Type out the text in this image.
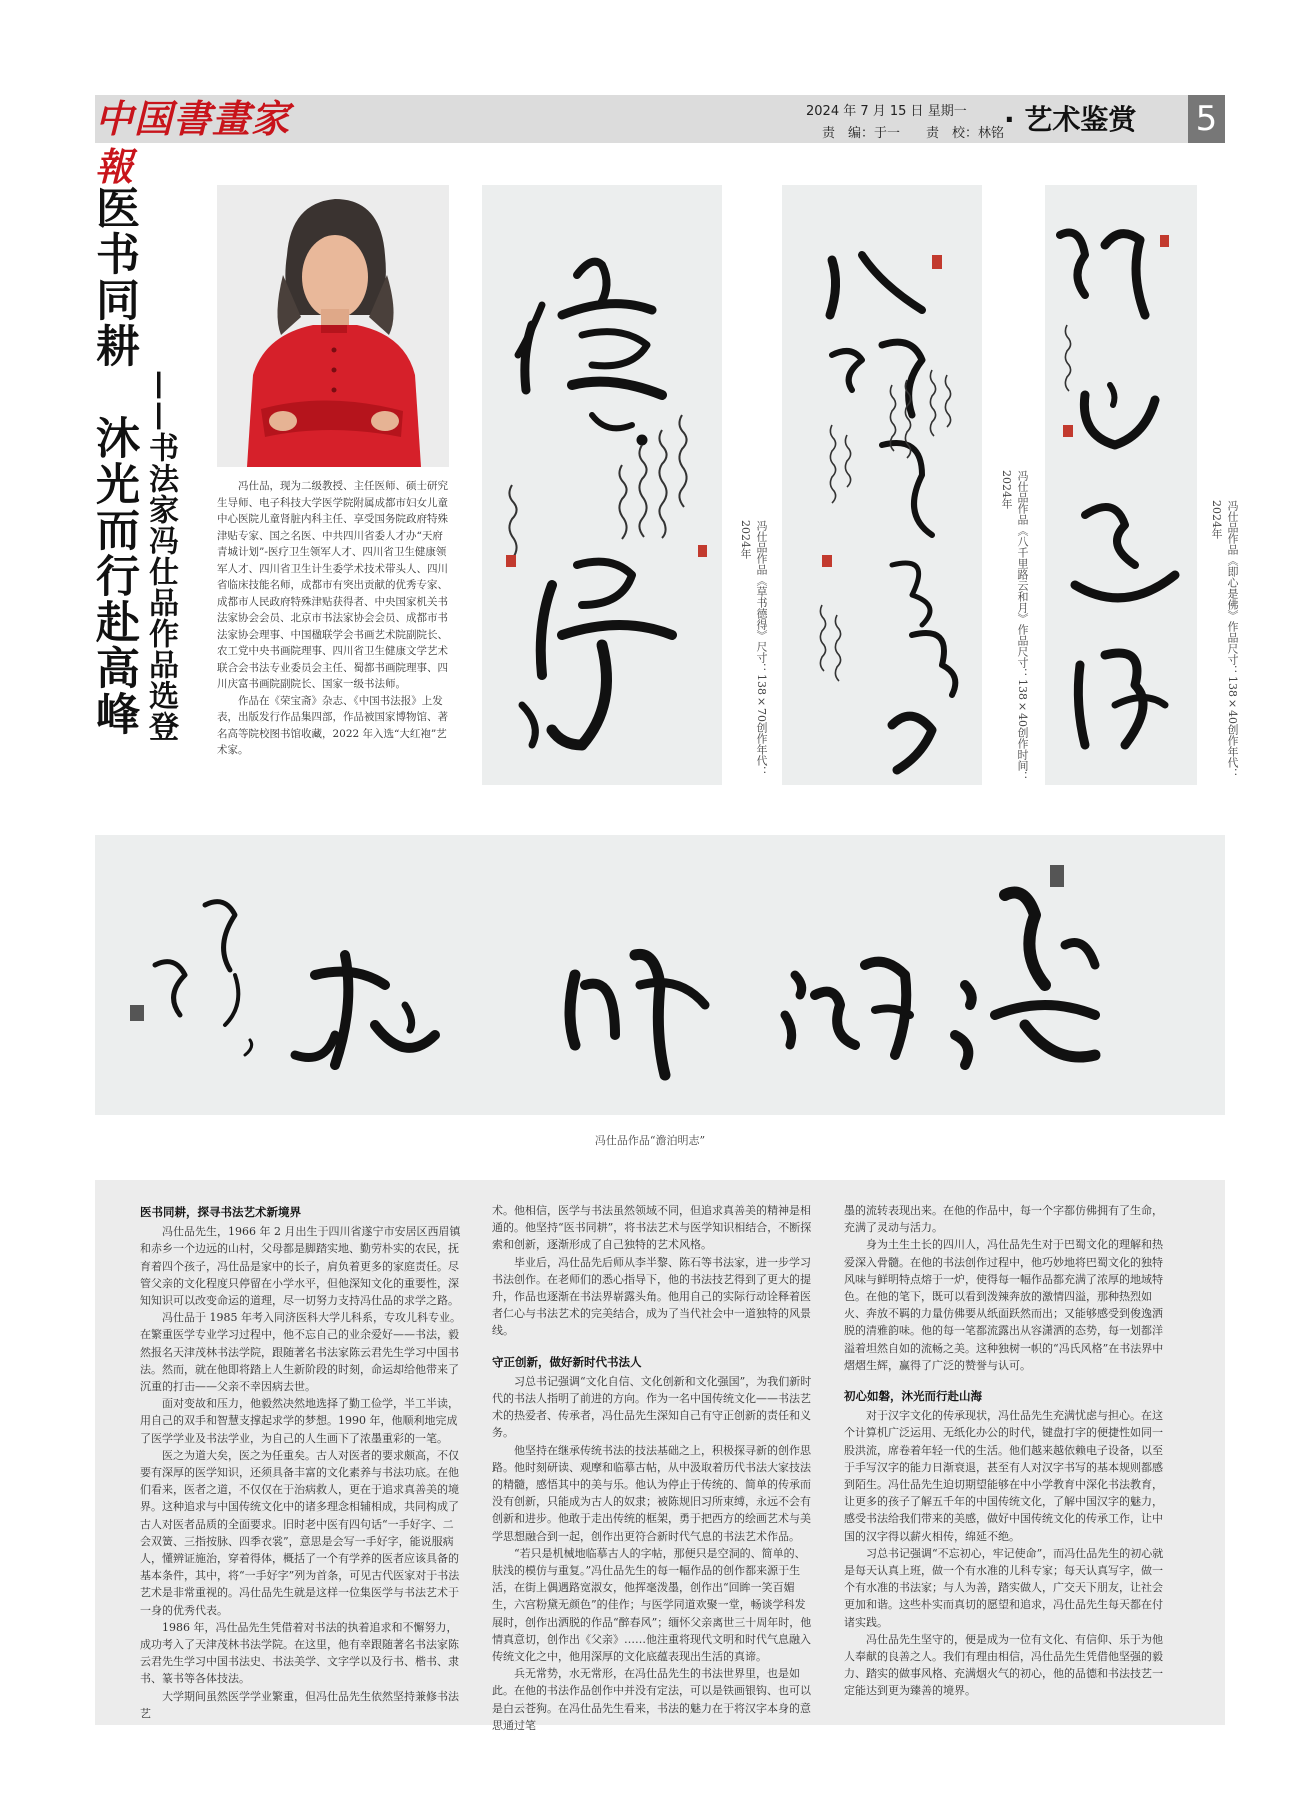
中国書畫家報
2024 年 7 月 15 日 星期一
责　编：于一　　责　校：林铭 · 艺术鉴赏 5
医书同耕　沐光而行赴高峰 ——书法家冯仕品作品选登	冯仕品，现为二级教授、主任医师、硕士研究生导师、电子科技大学医学院附属成都市妇女儿童中心医院儿童肾脏内科主任、享受国务院政府特殊津贴专家、国之名医、中共四川省委人才办“天府青城计划”-医疗卫生领军人才、四川省卫生健康领军人才、四川省卫生计生委学术技术带头人、四川省临床技能名师，成都市有突出贡献的优秀专家、成都市人民政府特殊津贴获得者、中央国家机关书法家协会会员、北京市书法家协会会员、成都市书法家协会理事、中国楹联学会书画艺术院副院长、农工党中央书画院理事、四川省卫生健康文学艺术联合会书法专业委员会主任、蜀都书画院理事、四川庆富书画院副院长、国家一级书法师。

作品在《荣宝斋》杂志、《中国书法报》上发表，出版发行作品集四部，作品被国家博物馆、著名高等院校图书馆收藏，2022 年入选“大红袍”艺术家。	冯仕品作品《草书德得》尺寸：138×70创作年代：2024年	冯仕品作品《八千里路云和月》作品尺寸：138×40创作时间：2024年
冯仕品作品《即心是佛》作品尺寸：138×40创作年代：2024年
冯仕品作品“澹泊明志”
医书同耕，探寻书法艺术新境界

冯仕品先生，1966 年 2 月出生于四川省遂宁市安居区西眉镇和赤乡一个边远的山村，父母都是脚踏实地、勤劳朴实的农民，抚育着四个孩子，冯仕品是家中的长子，肩负着更多的家庭责任。尽管父亲的文化程度只停留在小学水平，但他深知文化的重要性，深知知识可以改变命运的道理，尽一切努力支持冯仕品的求学之路。

冯仕品于 1985 年考入同济医科大学儿科系，专攻儿科专业。在繁重医学专业学习过程中，他不忘自己的业余爱好——书法，毅然报名天津茂林书法学院，跟随著名书法家陈云君先生学习中国书法。然而，就在他即将踏上人生新阶段的时刻，命运却给他带来了沉重的打击——父亲不幸因病去世。

面对变故和压力，他毅然决然地选择了勤工俭学，半工半读，用自己的双手和智慧支撑起求学的梦想。1990 年，他顺利地完成了医学学业及书法学业，为自己的人生画下了浓墨重彩的一笔。

医之为道大矣，医之为任重矣。古人对医者的要求颇高，不仅要有深厚的医学知识，还须具备丰富的文化素养与书法功底。在他们看来，医者之道，不仅仅在于治病救人，更在于追求真善美的境界。这种追求与中国传统文化中的诸多理念相辅相成，共同构成了古人对医者品质的全面要求。旧时老中医有四句话“一手好字、二会双簧、三指按脉、四季衣裳”，意思是会写一手好字，能说服病人，懂辨证施治，穿着得体，概括了一个有学养的医者应该具备的基本条件，其中，将“一手好字”列为首条，可见古代医家对于书法艺术是非常重视的。冯仕品先生就是这样一位集医学与书法艺术于一身的优秀代表。

1986 年，冯仕品先生凭借着对书法的执着追求和不懈努力，成功考入了天津茂林书法学院。在这里，他有幸跟随著名书法家陈云君先生学习中国书法史、书法美学、文字学以及行书、楷书、隶书、篆书等各体技法。

大学期间虽然医学学业繁重，但冯仕品先生依然坚持兼修书法艺

术。他相信，医学与书法虽然领域不同，但追求真善美的精神是相通的。他坚持“医书同耕”，将书法艺术与医学知识相结合，不断探索和创新，逐渐形成了自己独特的艺术风格。

毕业后，冯仕品先后师从李半黎、陈石等书法家，进一步学习书法创作。在老师们的悉心指导下，他的书法技艺得到了更大的提升，作品也逐渐在书法界崭露头角。他用自己的实际行动诠释着医者仁心与书法艺术的完美结合，成为了当代社会中一道独特的风景线。

守正创新，做好新时代书法人

习总书记强调“文化自信、文化创新和文化强国”，为我们新时代的书法人指明了前进的方向。作为一名中国传统文化——书法艺术的热爱者、传承者，冯仕品先生深知自己有守正创新的责任和义务。

他坚持在继承传统书法的技法基础之上，积极探寻新的创作思路。他时刻研读、观摩和临摹古帖，从中汲取着历代书法大家技法的精髓，感悟其中的美与乐。他认为停止于传统的、简单的传承而没有创新，只能成为古人的奴隶；被陈规旧习所束缚，永远不会有创新和进步。他敢于走出传统的框架，勇于把西方的绘画艺术与美学思想融合到一起，创作出更符合新时代气息的书法艺术作品。

“若只是机械地临摹古人的字帖，那便只是空洞的、简单的、肤浅的模仿与重复。”冯仕品先生的每一幅作品的创作都来源于生活，在街上偶遇路宽淑女，他挥毫泼墨，创作出“回眸一笑百媚生，六宫粉黛无颜色”的佳作；与医学同道欢聚一堂，畅谈学科发展时，创作出洒脱的作品“醉春风”；缅怀父亲离世三十周年时，他情真意切，创作出《父亲》……他注重将现代文明和时代气息融入传统文化之中，他用深厚的文化底蕴表现出生活的真谛。

兵无常势，水无常形，在冯仕品先生的书法世界里，也是如此。在他的书法作品创作中并没有定法，可以是铁画银钩、也可以是白云苍狗。在冯仕品先生看来，书法的魅力在于将汉字本身的意思通过笔

墨的流转表现出来。在他的作品中，每一个字都仿佛拥有了生命，充满了灵动与活力。

身为土生土长的四川人，冯仕品先生对于巴蜀文化的理解和热爱深入骨髓。在他的书法创作过程中，他巧妙地将巴蜀文化的独特风味与鲜明特点熔于一炉，使得每一幅作品都充满了浓厚的地域特色。在他的笔下，既可以看到泼辣奔放的激情四溢，那种热烈如火、奔放不羁的力量仿佛要从纸面跃然而出；又能够感受到俊逸洒脱的清雅韵味。他的每一笔都流露出从容潇洒的态势，每一划都洋溢着坦然自如的流畅之美。这种独树一帜的“冯氏风格”在书法界中熠熠生辉，赢得了广泛的赞誉与认可。

初心如磐，沐光而行赴山海

对于汉字文化的传承现状，冯仕品先生充满忧虑与担心。在这个计算机广泛运用、无纸化办公的时代，键盘打字的便捷性如同一股洪流，席卷着年轻一代的生活。他们越来越依赖电子设备，以至于手写汉字的能力日渐衰退，甚至有人对汉字书写的基本规则都感到陌生。冯仕品先生迫切期望能够在中小学教育中深化书法教育，让更多的孩子了解五千年的中国传统文化，了解中国汉字的魅力，感受书法给我们带来的美感，做好中国传统文化的传承工作，让中国的汉字得以薪火相传，绵延不绝。

习总书记强调“不忘初心，牢记使命”，而冯仕品先生的初心就是每天认真上班，做一个有水准的儿科专家；每天认真写字，做一个有水准的书法家；与人为善，踏实做人，广交天下朋友，让社会更加和谐。这些朴实而真切的愿望和追求，冯仕品先生每天都在付诸实践。

冯仕品先生坚守的，便是成为一位有文化、有信仰、乐于为他人奉献的良善之人。我们有理由相信，冯仕品先生凭借他坚强的毅力、踏实的做事风格、充满烟火气的初心，他的品德和书法技艺一定能达到更为臻善的境界。
